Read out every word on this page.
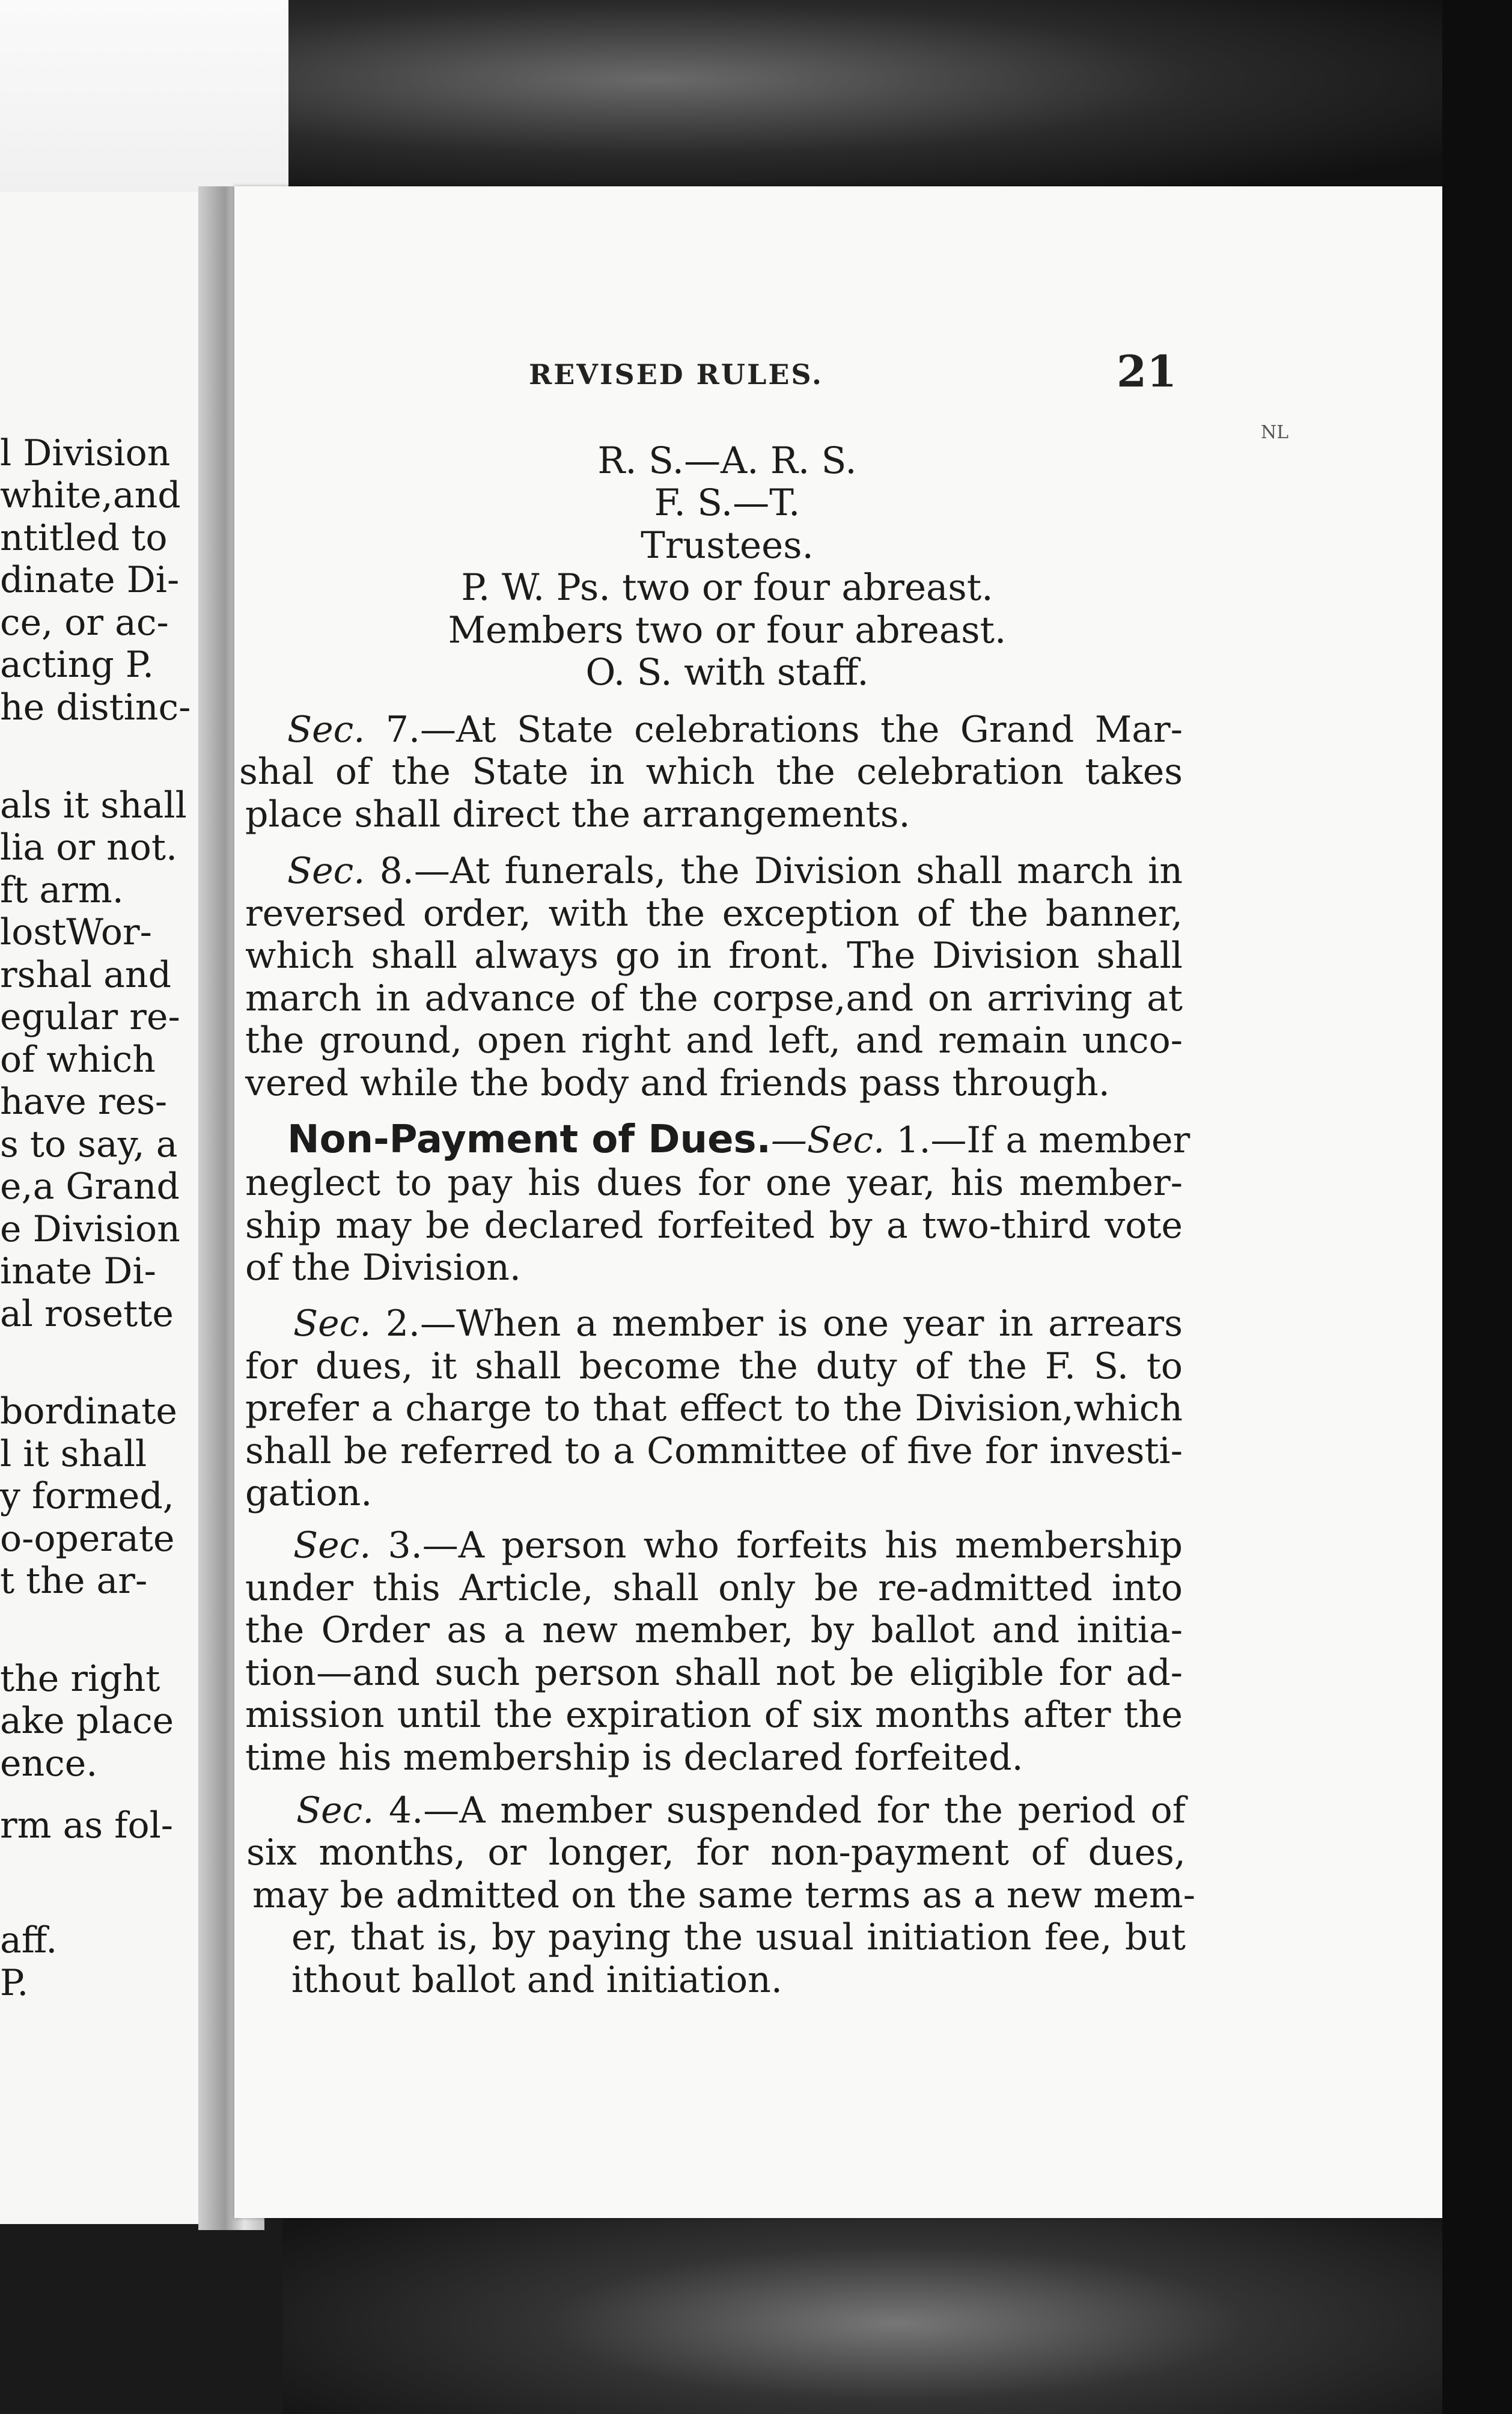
l Division
white,and
ntitled to
dinate Di-
ce, or ac-
acting P.
he distinc-
als it shall
lia or not.
ft arm.
lostWor-
rshal and
egular re-
of which
have res-
s to say, a
e,a Grand
e Division
inate Di-
al rosette
bordinate
l it shall
y formed,
o-operate
t the ar-
the right
ake place
ence.
rm as fol-
aff.
P.
REVISED RULES.	21
NL
R. S.—A. R. S.
F. S.—T.
Trustees.
P. W. Ps. two or four abreast.
Members two or four abreast.
O. S. with staff.
Sec. 7.—At State celebrations the Grand Mar-
shal of the State in which the celebration takes
place shall direct the arrangements.
Sec. 8.—At funerals, the Division shall march in
reversed order, with the exception of the banner,
which shall always go in front. The Division shall
march in advance of the corpse,and on arriving at
the ground, open right and left, and remain unco-
vered while the body and friends pass through.
Non-Payment of Dues.—Sec. 1.—If a member
neglect to pay his dues for one year, his member-
ship may be declared forfeited by a two-third vote
of the Division.
Sec. 2.—When a member is one year in arrears
for dues, it shall become the duty of the F. S. to
prefer a charge to that effect to the Division,which
shall be referred to a Committee of five for investi-
gation.
Sec. 3.—A person who forfeits his membership
under this Article, shall only be re-admitted into
the Order as a new member, by ballot and initia-
tion—and such person shall not be eligible for ad-
mission until the expiration of six months after the
time his membership is declared forfeited.
Sec. 4.—A member suspended for the period of
six months, or longer, for non-payment of dues,
may be admitted on the same terms as a new mem-
er, that is, by paying the usual initiation fee, but
ithout ballot and initiation.
